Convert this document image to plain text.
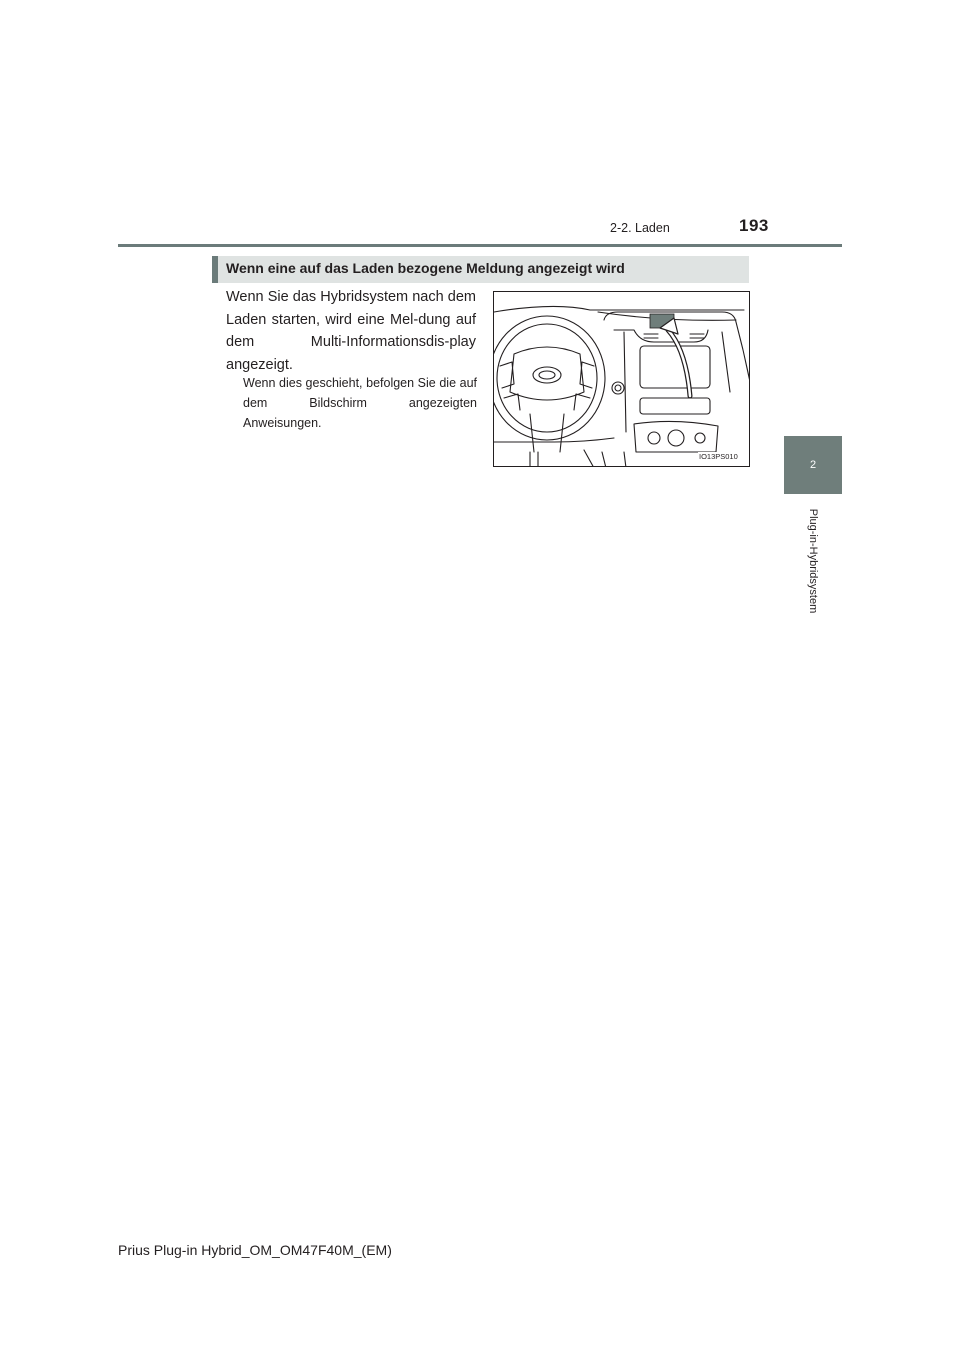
193
2-2. Laden
2
Plug-in-Hybridsystem
Wenn eine auf das Laden bezogene Meldung angezeigt wird

Wenn Sie das Hybridsystem nach dem Laden starten, wird eine Mel-dung auf dem Multi-Informationsdis-play angezeigt.

Wenn dies geschieht, befolgen Sie die auf dem Bildschirm angezeigten Anweisungen.

IO13PS010
Prius Plug-in Hybrid_OM_OM47F40M_(EM)
